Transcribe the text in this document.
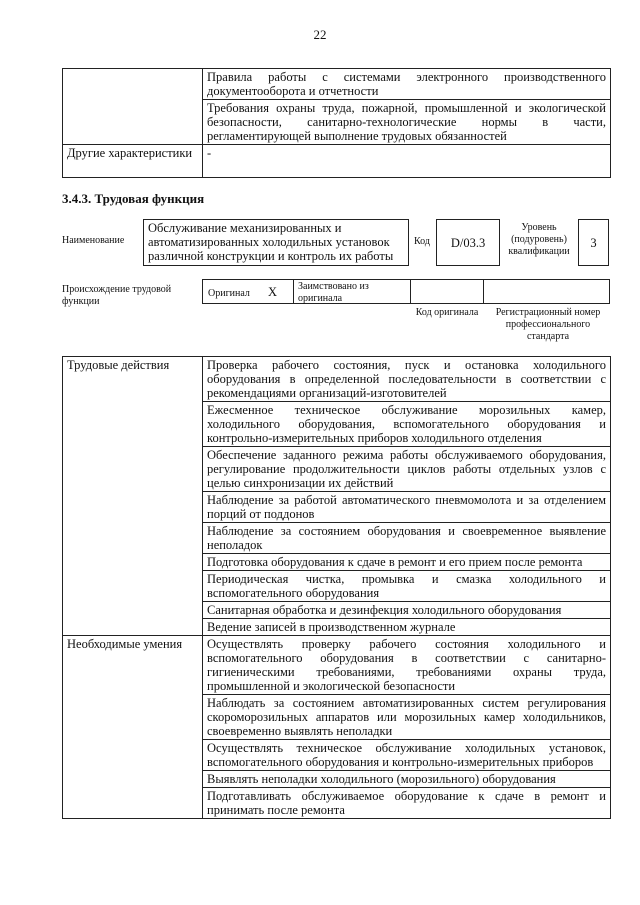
22
	Правила работы с системами электронного производственного документооборота и отчетности
	Требования охраны труда, пожарной, промышленной и экологической безопасности, санитарно-технологические нормы в части, регламентирующей выполнение трудовых обязанностей
Другие характеристики	-
3.4.3. Трудовая функция
Наименование
Обслуживание механизированных и автоматизированных холодильных установок различной конструкции и контроль их работы
Код D/03.3
Уровень (подуровень) квалификации
3
Происхождение трудовой функции
Оригинал X Заимствовано из оригинала
Код оригинала	Регистрационный номер профессионального стандарта
Трудовые действия	Проверка рабочего состояния, пуск и остановка холодильного оборудования в определенной последовательности в соответствии с рекомендациями организаций-изготовителей
	Ежесменное техническое обслуживание морозильных камер, холодильного оборудования, вспомогательного оборудования и контрольно-измерительных приборов холодильного отделения
	Обеспечение заданного режима работы обслуживаемого оборудования, регулирование продолжительности циклов работы отдельных узлов с целью синхронизации их действий
	Наблюдение за работой автоматического пневмомолота и за отделением порций от поддонов
	Наблюдение за состоянием оборудования и своевременное выявление неполадок
	Подготовка оборудования к сдаче в ремонт и его прием после ремонта
	Периодическая чистка, промывка и смазка холодильного и вспомогательного оборудования
	Санитарная обработка и дезинфекция холодильного оборудования
	Ведение записей в производственном журнале
Необходимые умения	Осуществлять проверку рабочего состояния холодильного и вспомогательного оборудования в соответствии с санитарно-гигиеническими требованиями, требованиями охраны труда, промышленной и экологической безопасности
	Наблюдать за состоянием автоматизированных систем регулирования скороморозильных аппаратов или морозильных камер холодильников, своевременно выявлять неполадки
	Осуществлять техническое обслуживание холодильных установок, вспомогательного оборудования и контрольно-измерительных приборов
	Выявлять неполадки холодильного (морозильного) оборудования
	Подготавливать обслуживаемое оборудование к сдаче в ремонт и принимать после ремонта
